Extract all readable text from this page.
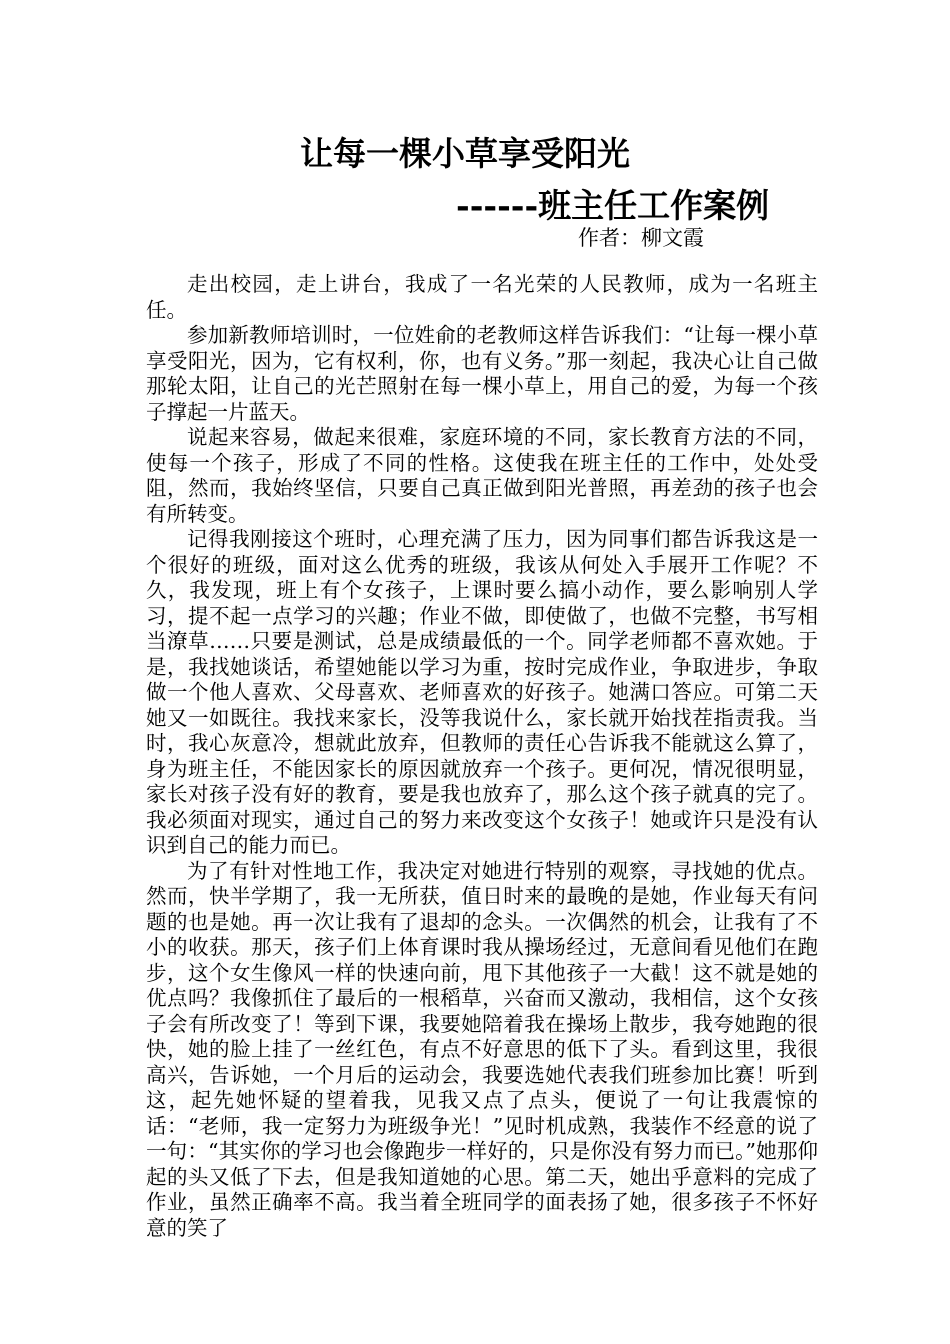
让每一棵小草享受阳光
------班主任工作案例
作者：柳文霞

走出校园，走上讲台，我成了一名光荣的人民教师，成为一名班主任。

参加新教师培训时，一位姓俞的老教师这样告诉我们：“让每一棵小草享受阳光，因为，它有权利，你，也有义务。”那一刻起，我决心让自己做那轮太阳，让自己的光芒照射在每一棵小草上，用自己的爱，为每一个孩子撑起一片蓝天。

说起来容易，做起来很难，家庭环境的不同，家长教育方法的不同，使每一个孩子，形成了不同的性格。这使我在班主任的工作中，处处受阻，然而，我始终坚信，只要自己真正做到阳光普照，再差劲的孩子也会有所转变。

记得我刚接这个班时，心理充满了压力，因为同事们都告诉我这是一个很好的班级，面对这么优秀的班级，我该从何处入手展开工作呢？不久，我发现，班上有个女孩子，上课时要么搞小动作，要么影响别人学习，提不起一点学习的兴趣；作业不做，即使做了，也做不完整，书写相当潦草……只要是测试，总是成绩最低的一个。同学老师都不喜欢她。于是，我找她谈话，希望她能以学习为重，按时完成作业，争取进步，争取做一个他人喜欢、父母喜欢、老师喜欢的好孩子。她满口答应。可第二天她又一如既往。我找来家长，没等我说什么，家长就开始找茬指责我。当时，我心灰意冷，想就此放弃，但教师的责任心告诉我不能就这么算了，身为班主任，不能因家长的原因就放弃一个孩子。更何况，情况很明显，家长对孩子没有好的教育，要是我也放弃了，那么这个孩子就真的完了。我必须面对现实，通过自己的努力来改变这个女孩子！她或许只是没有认识到自己的能力而已。

为了有针对性地工作，我决定对她进行特别的观察，寻找她的优点。然而，快半学期了，我一无所获，值日时来的最晚的是她，作业每天有问题的也是她。再一次让我有了退却的念头。一次偶然的机会，让我有了不小的收获。那天，孩子们上体育课时我从操场经过，无意间看见他们在跑步，这个女生像风一样的快速向前，甩下其他孩子一大截！这不就是她的优点吗？我像抓住了最后的一根稻草，兴奋而又激动，我相信，这个女孩子会有所改变了！等到下课，我要她陪着我在操场上散步，我夸她跑的很快，她的脸上挂了一丝红色，有点不好意思的低下了头。看到这里，我很高兴，告诉她，一个月后的运动会，我要选她代表我们班参加比赛！听到这，起先她怀疑的望着我，见我又点了点头，便说了一句让我震惊的话：“老师，我一定努力为班级争光！”见时机成熟，我装作不经意的说了一句：“其实你的学习也会像跑步一样好的，只是你没有努力而已。”她那仰起的头又低了下去，但是我知道她的心思。第二天，她出乎意料的完成了作业，虽然正确率不高。我当着全班同学的面表扬了她，很多孩子不怀好意的笑了
